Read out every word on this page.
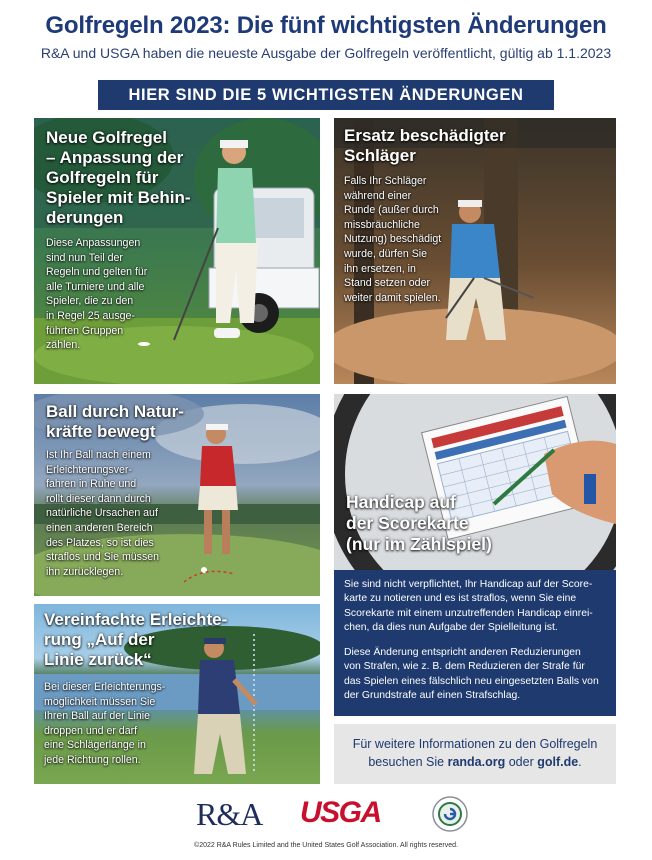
Golfregeln 2023: Die fünf wichtigsten Änderungen
R&A und USGA haben die neueste Ausgabe der Golfregeln veröffentlicht, gültig ab 1.1.2023
HIER SIND DIE 5 WICHTIGSTEN ÄNDERUNGEN
Neue Golfregel
– Anpassung der
Golfregeln für
Spieler mit Behin-
derungen
Diese Anpassungen
sind nun Teil der
Regeln und gelten für
alle Turniere und alle
Spieler, die zu den
in Regel 25 ausge-
führten Gruppen
zählen.
Ersatz beschädigter
Schläger
Falls Ihr Schläger
während einer
Runde (außer durch
missbräuchliche
Nutzung) beschädigt
wurde, dürfen Sie
ihn ersetzen, in
Stand setzen oder
weiter damit spielen.
Ball durch Natur-
kräfte bewegt
Ist Ihr Ball nach einem
Erleichterungsver-
fahren in Ruhe und
rollt dieser dann durch
natürliche Ursachen auf
einen anderen Bereich
des Platzes, so ist dies
straflos und Sie müssen
ihn zurücklegen.
Handicap auf
der Scorekarte
(nur im Zählspiel)
Sie sind nicht verpflichtet, Ihr Handicap auf der Score-
karte zu notieren und es ist straflos, wenn Sie eine
Scorekarte mit einem unzutreffenden Handicap einrei-
chen, da dies nun Aufgabe der Spielleitung ist.
Diese Änderung entspricht anderen Reduzierungen
von Strafen, wie z. B. dem Reduzieren der Strafe für
das Spielen eines fälschlich neu eingesetzten Balls von
der Grundstrafe auf einen Strafschlag.
Vereinfachte Erleichte-
rung „Auf der
Linie zurück“
Bei dieser Erleichterungs-
möglichkeit müssen Sie
Ihren Ball auf der Linie
droppen und er darf
eine Schlägerlänge in
jede Richtung rollen.
Für weitere Informationen zu den Golfregeln
besuchen Sie randa.org oder golf.de.
R&A USGA
©2022 R&A Rules Limited and the United States Golf Association. All rights reserved.
